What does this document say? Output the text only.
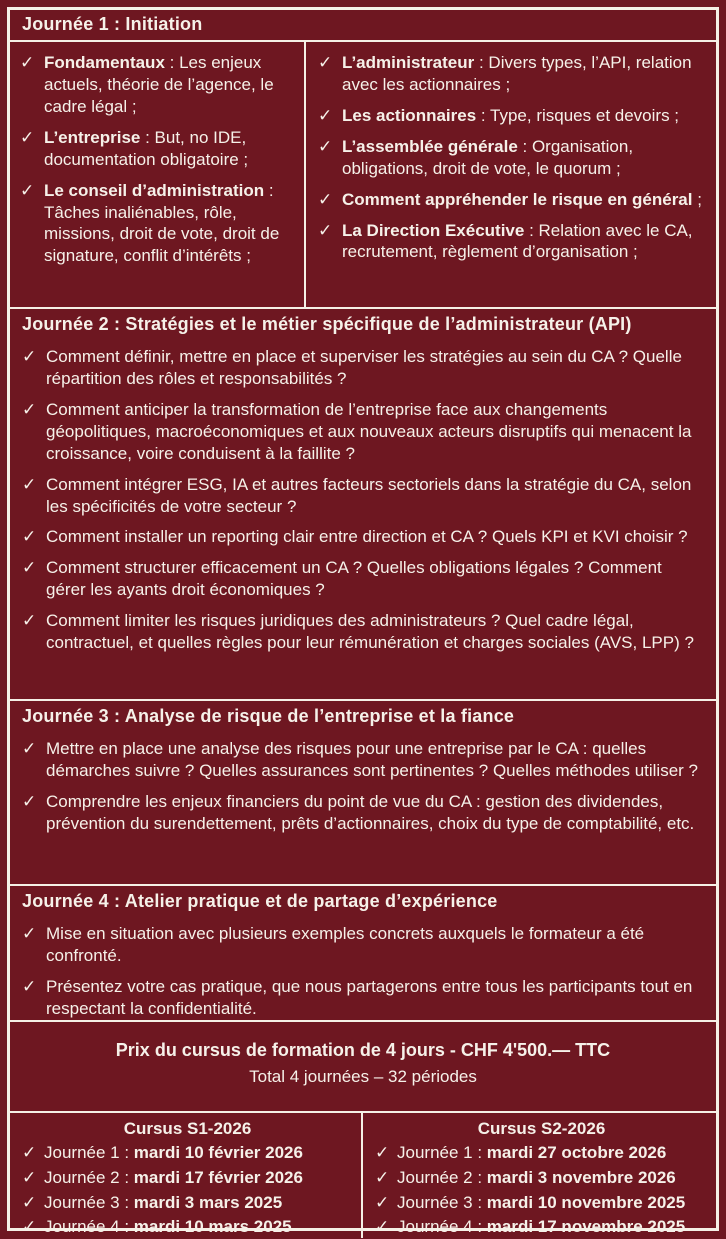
Journée 1 : Initiation
✓ Fondamentaux : Les enjeux actuels, théorie de l’agence, le cadre légal ;
✓ L’entreprise : But, no IDE, documentation obligatoire ;
✓ Le conseil d’administration : Tâches inaliénables, rôle, missions, droit de vote, droit de signature, conflit d’intérêts ;
✓ L’administrateur : Divers types, l’API, relation avec les actionnaires ;
✓ Les actionnaires : Type, risques et devoirs ;
✓ L’assemblée générale : Organisation, obligations, droit de vote, le quorum ;
✓ Comment appréhender le risque en général ;
✓ La Direction Exécutive : Relation avec le CA, recrutement, règlement d’organisation ;
Journée 2 : Stratégies et le métier spécifique de l’administrateur (API)
✓ Comment définir, mettre en place et superviser les stratégies au sein du CA ? Quelle répartition des rôles et responsabilités ?
✓ Comment anticiper la transformation de l’entreprise face aux changements géopolitiques, macroéconomiques et aux nouveaux acteurs disruptifs qui menacent la croissance, voire conduisent à la faillite ?
✓ Comment intégrer ESG, IA et autres facteurs sectoriels dans la stratégie du CA, selon les spécificités de votre secteur ?
✓ Comment installer un reporting clair entre direction et CA ? Quels KPI et KVI choisir ?
✓ Comment structurer efficacement un CA ? Quelles obligations légales ? Comment gérer les ayants droit économiques ?
✓ Comment limiter les risques juridiques des administrateurs ? Quel cadre légal, contractuel, et quelles règles pour leur rémunération et charges sociales (AVS, LPP) ?
Journée 3 : Analyse de risque de l’entreprise et la fiance
✓ Mettre en place une analyse des risques pour une entreprise par le CA : quelles démarches suivre ? Quelles assurances sont pertinentes ? Quelles méthodes utiliser ?
✓ Comprendre les enjeux financiers du point de vue du CA : gestion des dividendes, prévention du surendettement, prêts d’actionnaires, choix du type de comptabilité, etc.
Journée 4 : Atelier pratique et de partage d’expérience
✓ Mise en situation avec plusieurs exemples concrets auxquels le formateur a été confronté.
✓ Présentez votre cas pratique, que nous partagerons entre tous les participants tout en respectant la confidentialité.
Prix du cursus de formation de 4 jours - CHF 4'500.— TTC
Total 4 journées – 32 périodes
Cursus S1-2026
✓ Journée 1 : mardi 10 février 2026
✓ Journée 2 : mardi 17 février 2026
✓ Journée 3 : mardi 3 mars 2025
✓ Journée 4 : mardi 10 mars 2025
Cursus S2-2026
✓ Journée 1 : mardi 27 octobre 2026
✓ Journée 2 : mardi 3 novembre 2026
✓ Journée 3 : mardi 10 novembre 2025
✓ Journée 4 : mardi 17 novembre 2025
